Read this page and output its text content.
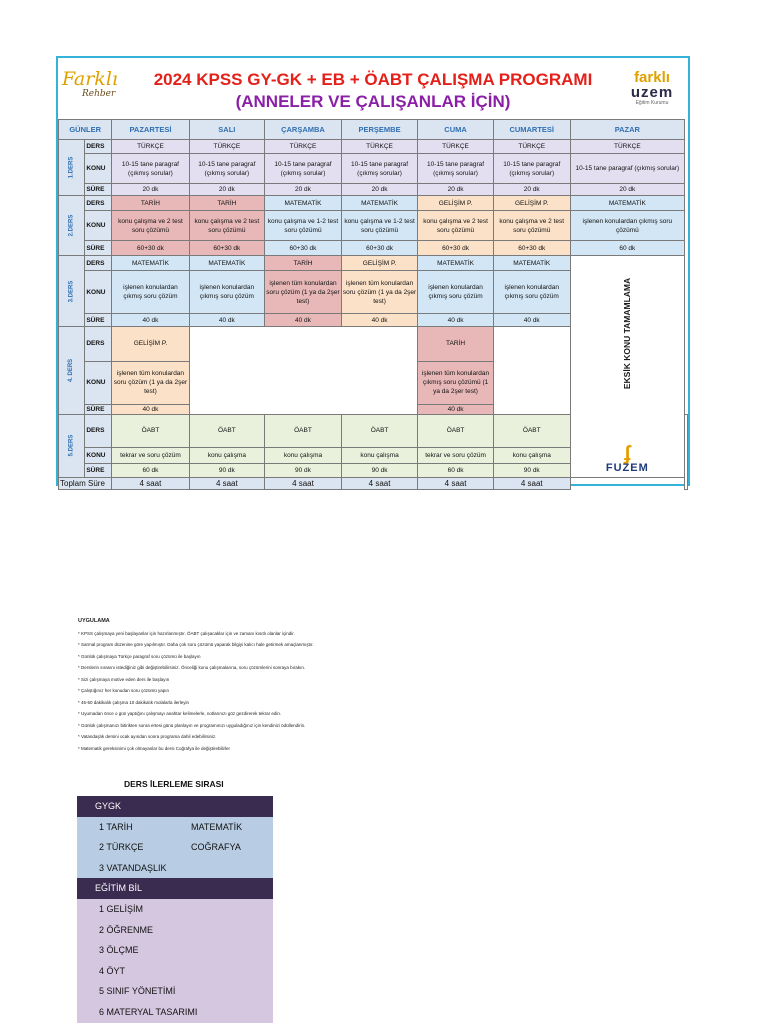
Farklı
Rehber
2024 KPSS GY-GK + EB + ÖABT ÇALIŞMA PROGRAMI
(ANNELER VE ÇALIŞANLAR İÇİN)
farklı
uzem
Eğitim Kurumu
GÜNLER		PAZARTESİ	SALI	ÇARŞAMBA	PERŞEMBE	CUMA	CUMARTESİ	PAZAR	
1.DERS	DERS	TÜRKÇE	TÜRKÇE	TÜRKÇE	TÜRKÇE	TÜRKÇE	TÜRKÇE	TÜRKÇE	
	KONU	10-15 tane paragraf (çıkmış sorular)	10-15 tane paragraf (çıkmış sorular)	10-15 tane paragraf (çıkmış sorular)	10-15 tane paragraf (çıkmış sorular)	10-15 tane paragraf (çıkmış sorular)	10-15 tane paragraf (çıkmış sorular)	10-15 tane paragraf (çıkmış sorular)	
	SÜRE	20 dk	20 dk	20 dk	20 dk	20 dk	20 dk	20 dk	
2.DERS	DERS	TARİH	TARİH	MATEMATİK	MATEMATİK	GELİŞİM P.	GELİŞİM P.	MATEMATİK	
	KONU	konu çalışma ve 2 test soru çözümü	konu çalışma ve 2 test soru çözümü	konu çalışma ve 1-2 test soru çözümü	konu çalışma ve 1-2 test soru çözümü	konu çalışma ve 2 test soru çözümü	konu çalışma ve 2 test soru çözümü	işlenen konulardan çıkmış soru çözümü	
	SÜRE	60+30 dk	60+30 dk	60+30 dk	60+30 dk	60+30 dk	60+30 dk	60 dk	
3.DERS	DERS	MATEMATİK	MATEMATİK	TARİH	GELİŞİM P.	MATEMATİK	MATEMATİK	EKSİK KONU TAMAMLAMA
ʄ
FUZEM	

	KONU	işlenen konulardan çıkmış soru çözüm	işlenen konulardan çıkmış soru çözüm	işlenen tüm konulardan soru çözüm (1 ya da 2şer test)	işlenen tüm konulardan soru çözüm (1 ya da 2şer test)	işlenen konulardan çıkmış soru çözüm	işlenen konulardan çıkmış soru çözüm		
	SÜRE	40 dk	40 dk	40 dk	40 dk	40 dk	40 dk		
4. DERS	DERS	GELİŞİM P.				TARİH			
	KONU	işlenen tüm konulardan soru çözüm (1 ya da 2şer test)				işlenen tüm konulardan çıkmış soru çözümü (1 ya da 2şer test)			
	SÜRE	40 dk				40 dk			
5.DERS	DERS	ÖABT	ÖABT	ÖABT	ÖABT	ÖABT	ÖABT		
	KONU	tekrar ve soru çözüm	konu çalışma	konu çalışma	konu çalışma	tekrar ve soru çözüm	konu çalışma		
	SÜRE	60 dk	90 dk	90 dk	90 dk	60 dk	90 dk		
Toplam Süre		4 saat	4 saat	4 saat	4 saat	4 saat	4 saat		
UYGULAMA
* KPSS çalışmaya yeni başlayanlar için hazırlanmıştır. ÖABT çalışacaklar için ve zamanı kısıtlı olanlar içindir.
* Sarmal program düzenine göre yapılmıştır. Daha çok soru çözümü yaparak bilgiyi kalıcı hale getirmek amaçlanmıştır.
* Günlük çalışmaya Türkçe paragraf soru çözümü ile başlayın
* Derslerin sırasını istediğiniz gibi değiştirebilirsiniz. Önceliği konu çalışmalarına, soru çözümlerini sonraya bırakın.
* Sizi çalışmaya motive eden ders ile başlayın
* Çalıştığınız her konudan soru çözümü yapın
* 45-50 dakikalık çalışma 10 dakikalık molalarla ilerleyin
* Uyumadan önce o gün yaptığını çalışmayı anahtar kelimelerle, notlarınızı göz gezdirerek tekrar edin.
* Günlük çalışmanızı bitirikten sonra ertesi günü planlayın ve programınızı uyguladığınız için kendinizi ödüllendirin.
* Vatandaşlık dersini ocak ayından sonra programa dahil edebilirsiniz.
* Matematik gereksinimi çok olmayanlar bu dersi Coğrafya ile değiştirebilirler
DERS İLERLEME SIRASI
GYGK
1 TARİH	MATEMATİK
2 TÜRKÇE	COĞRAFYA
3 VATANDAŞLIK
EĞİTİM BİL
1 GELİŞİM
2 ÖĞRENME
3 ÖLÇME
4 ÖYT
5 SINIF YÖNETİMİ
6 MATERYAL TASARIMI
